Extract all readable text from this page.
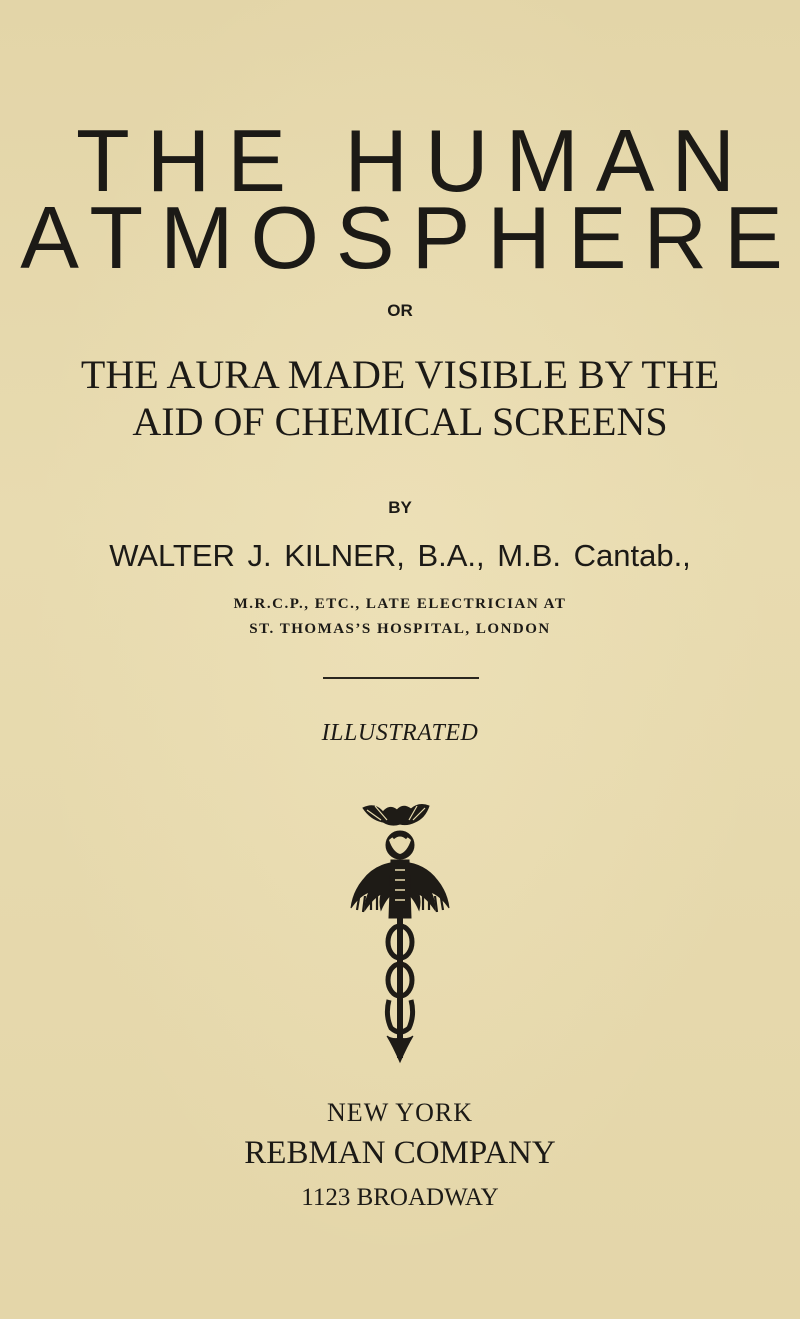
THE HUMAN
ATMOSPHERE
OR
THE AURA MADE VISIBLE BY THE
AID OF CHEMICAL SCREENS
BY
WALTER J. KILNER, B.A., M.B. Cantab.,
M.R.C.P., ETC., LATE ELECTRICIAN AT
ST. THOMAS’S HOSPITAL, LONDON
ILLUSTRATED
NEW YORK
REBMAN COMPANY
1123 BROADWAY
